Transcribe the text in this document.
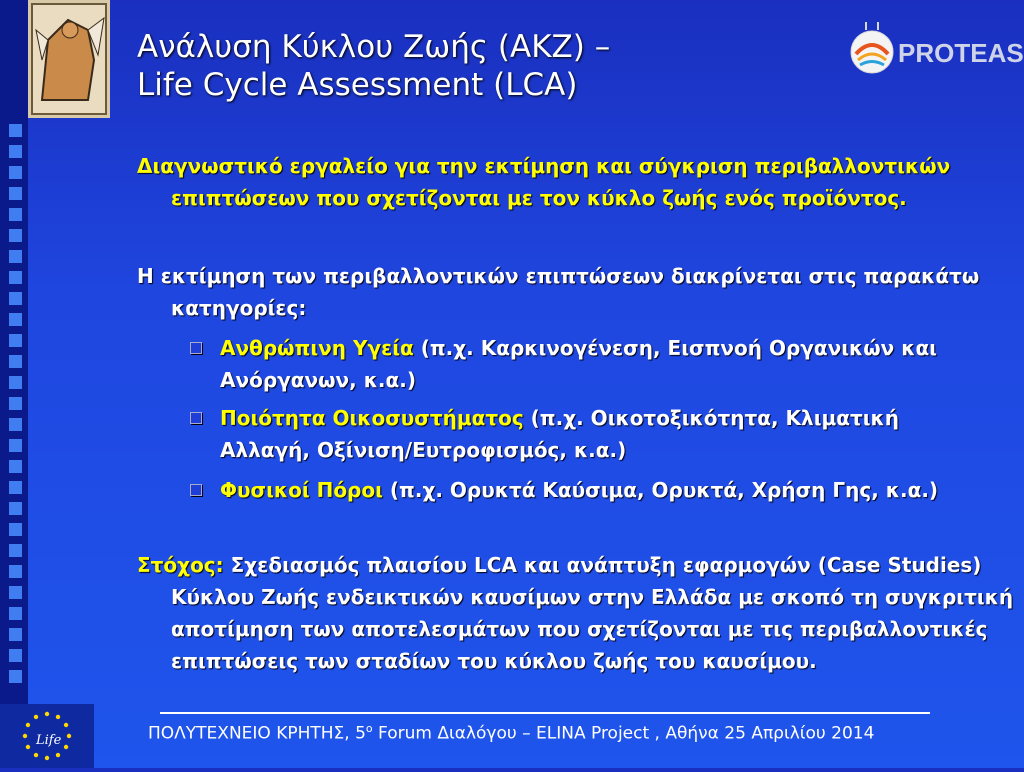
Ανάλυση Κύκλου Ζωής (ΑΚΖ) –
Life Cycle Assessment (LCA)
PROTEAS
Διαγνωστικό εργαλείο για την εκτίμηση και σύγκριση περιβαλλοντικών επιπτώσεων που σχετίζονται με τον κύκλο ζωής ενός προϊόντος.
Η εκτίμηση των περιβαλλοντικών επιπτώσεων διακρίνεται στις παρακάτω κατηγορίες:
Ανθρώπινη Υγεία (π.χ. Καρκινογένεση, Εισπνοή Οργανικών και Ανόργανων, κ.α.)
Ποιότητα Οικοσυστήματος (π.χ. Οικοτοξικότητα, Κλιματική Αλλαγή, Οξίνιση/Ευτροφισμός, κ.α.)
Φυσικοί Πόροι (π.χ. Ορυκτά Καύσιμα, Ορυκτά, Χρήση Γης, κ.α.)
Στόχος: Σχεδιασμός πλαισίου LCA και ανάπτυξη εφαρμογών (Case Studies) Κύκλου Ζωής ενδεικτικών καυσίμων στην Ελλάδα με σκοπό τη συγκριτική αποτίμηση των αποτελεσμάτων που σχετίζονται με τις περιβαλλοντικές επιπτώσεις των σταδίων του κύκλου ζωής του καυσίμου.
ΠΟΛΥΤΕΧΝΕΙΟ ΚΡΗΤΗΣ, $5^o$ Forum Διαλόγου – ELINA Project , Αθήνα 25 Απριλίου 2014
Life
